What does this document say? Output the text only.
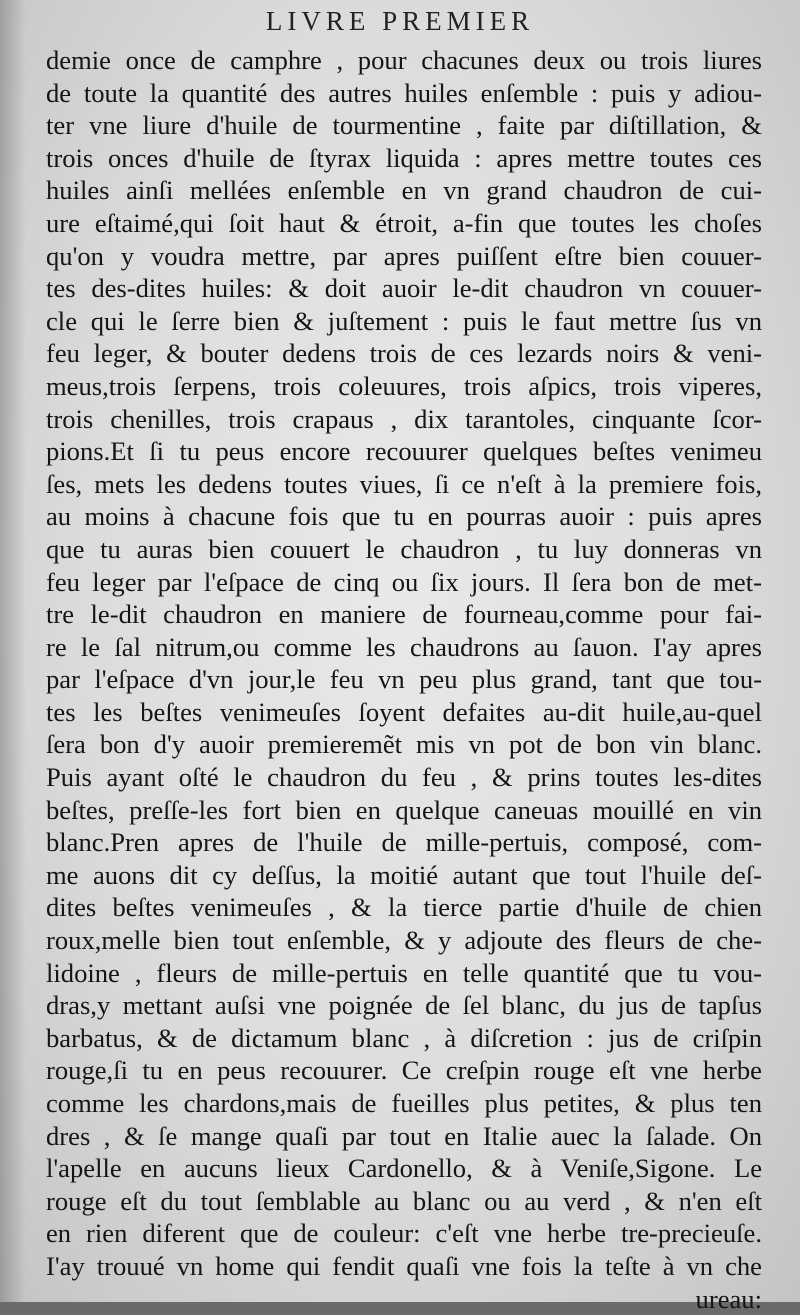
LIVRE PREMIER
demie once de camphre , pour chacunes deux ou trois liures
de toute la quantité des autres huiles enſemble : puis y adiou-
ter vne liure d'huile de tourmentine , faite par diſtillation, &
trois onces d'huile de ſtyrax liquida : apres mettre toutes ces
huiles ainſi mellées enſemble en vn grand chaudron de cui-
ure eſtaimé,qui ſoit haut & étroit, a-fin que toutes les choſes
qu'on y voudra mettre, par apres puiſſent eſtre bien couuer-
tes des-dites huiles: & doit auoir le-dit chaudron vn couuer-
cle qui le ſerre bien & juſtement : puis le faut mettre ſus vn
feu leger, & bouter dedens trois de ces lezards noirs & veni-
meus,trois ſerpens, trois coleuures, trois aſpics, trois viperes,
trois chenilles, trois crapaus , dix tarantoles, cinquante ſcor-
pions.Et ſi tu peus encore recouurer quelques beſtes venimeu
ſes, mets les dedens toutes viues, ſi ce n'eſt à la premiere fois,
au moins à chacune fois que tu en pourras auoir : puis apres
que tu auras bien couuert le chaudron , tu luy donneras vn
feu leger par l'eſpace de cinq ou ſix jours. Il ſera bon de met-
tre le-dit chaudron en maniere de fourneau,comme pour fai-
re le ſal nitrum,ou comme les chaudrons au ſauon. I'ay apres
par l'eſpace d'vn jour,le feu vn peu plus grand, tant que tou-
tes les beſtes venimeuſes ſoyent defaites au-dit huile,au-quel
ſera bon d'y auoir premieremẽt mis vn pot de bon vin blanc.
Puis ayant oſté le chaudron du feu , & prins toutes les-dites
beſtes, preſſe-les fort bien en quelque caneuas mouillé en vin
blanc.Pren apres de l'huile de mille-pertuis, composé, com-
me auons dit cy deſſus, la moitié autant que tout l'huile deſ-
dites beſtes venimeuſes , & la tierce partie d'huile de chien
roux,melle bien tout enſemble, & y adjoute des fleurs de che-
lidoine , fleurs de mille-pertuis en telle quantité que tu vou-
dras,y mettant auſsi vne poignée de ſel blanc, du jus de tapſus
barbatus, & de dictamum blanc , à diſcretion : jus de criſpin
rouge,ſi tu en peus recouurer. Ce creſpin rouge eſt vne herbe
comme les chardons,mais de fueilles plus petites, & plus ten
dres , & ſe mange quaſi par tout en Italie auec la ſalade. On
l'apelle en aucuns lieux Cardonello, & à Veniſe,Sigone. Le
rouge eſt du tout ſemblable au blanc ou au verd , & n'en eſt
en rien diferent que de couleur: c'eſt vne herbe tre-precieuſe.
I'ay trouué vn home qui fendit quaſi vne fois la teſte à vn che
ureau:
